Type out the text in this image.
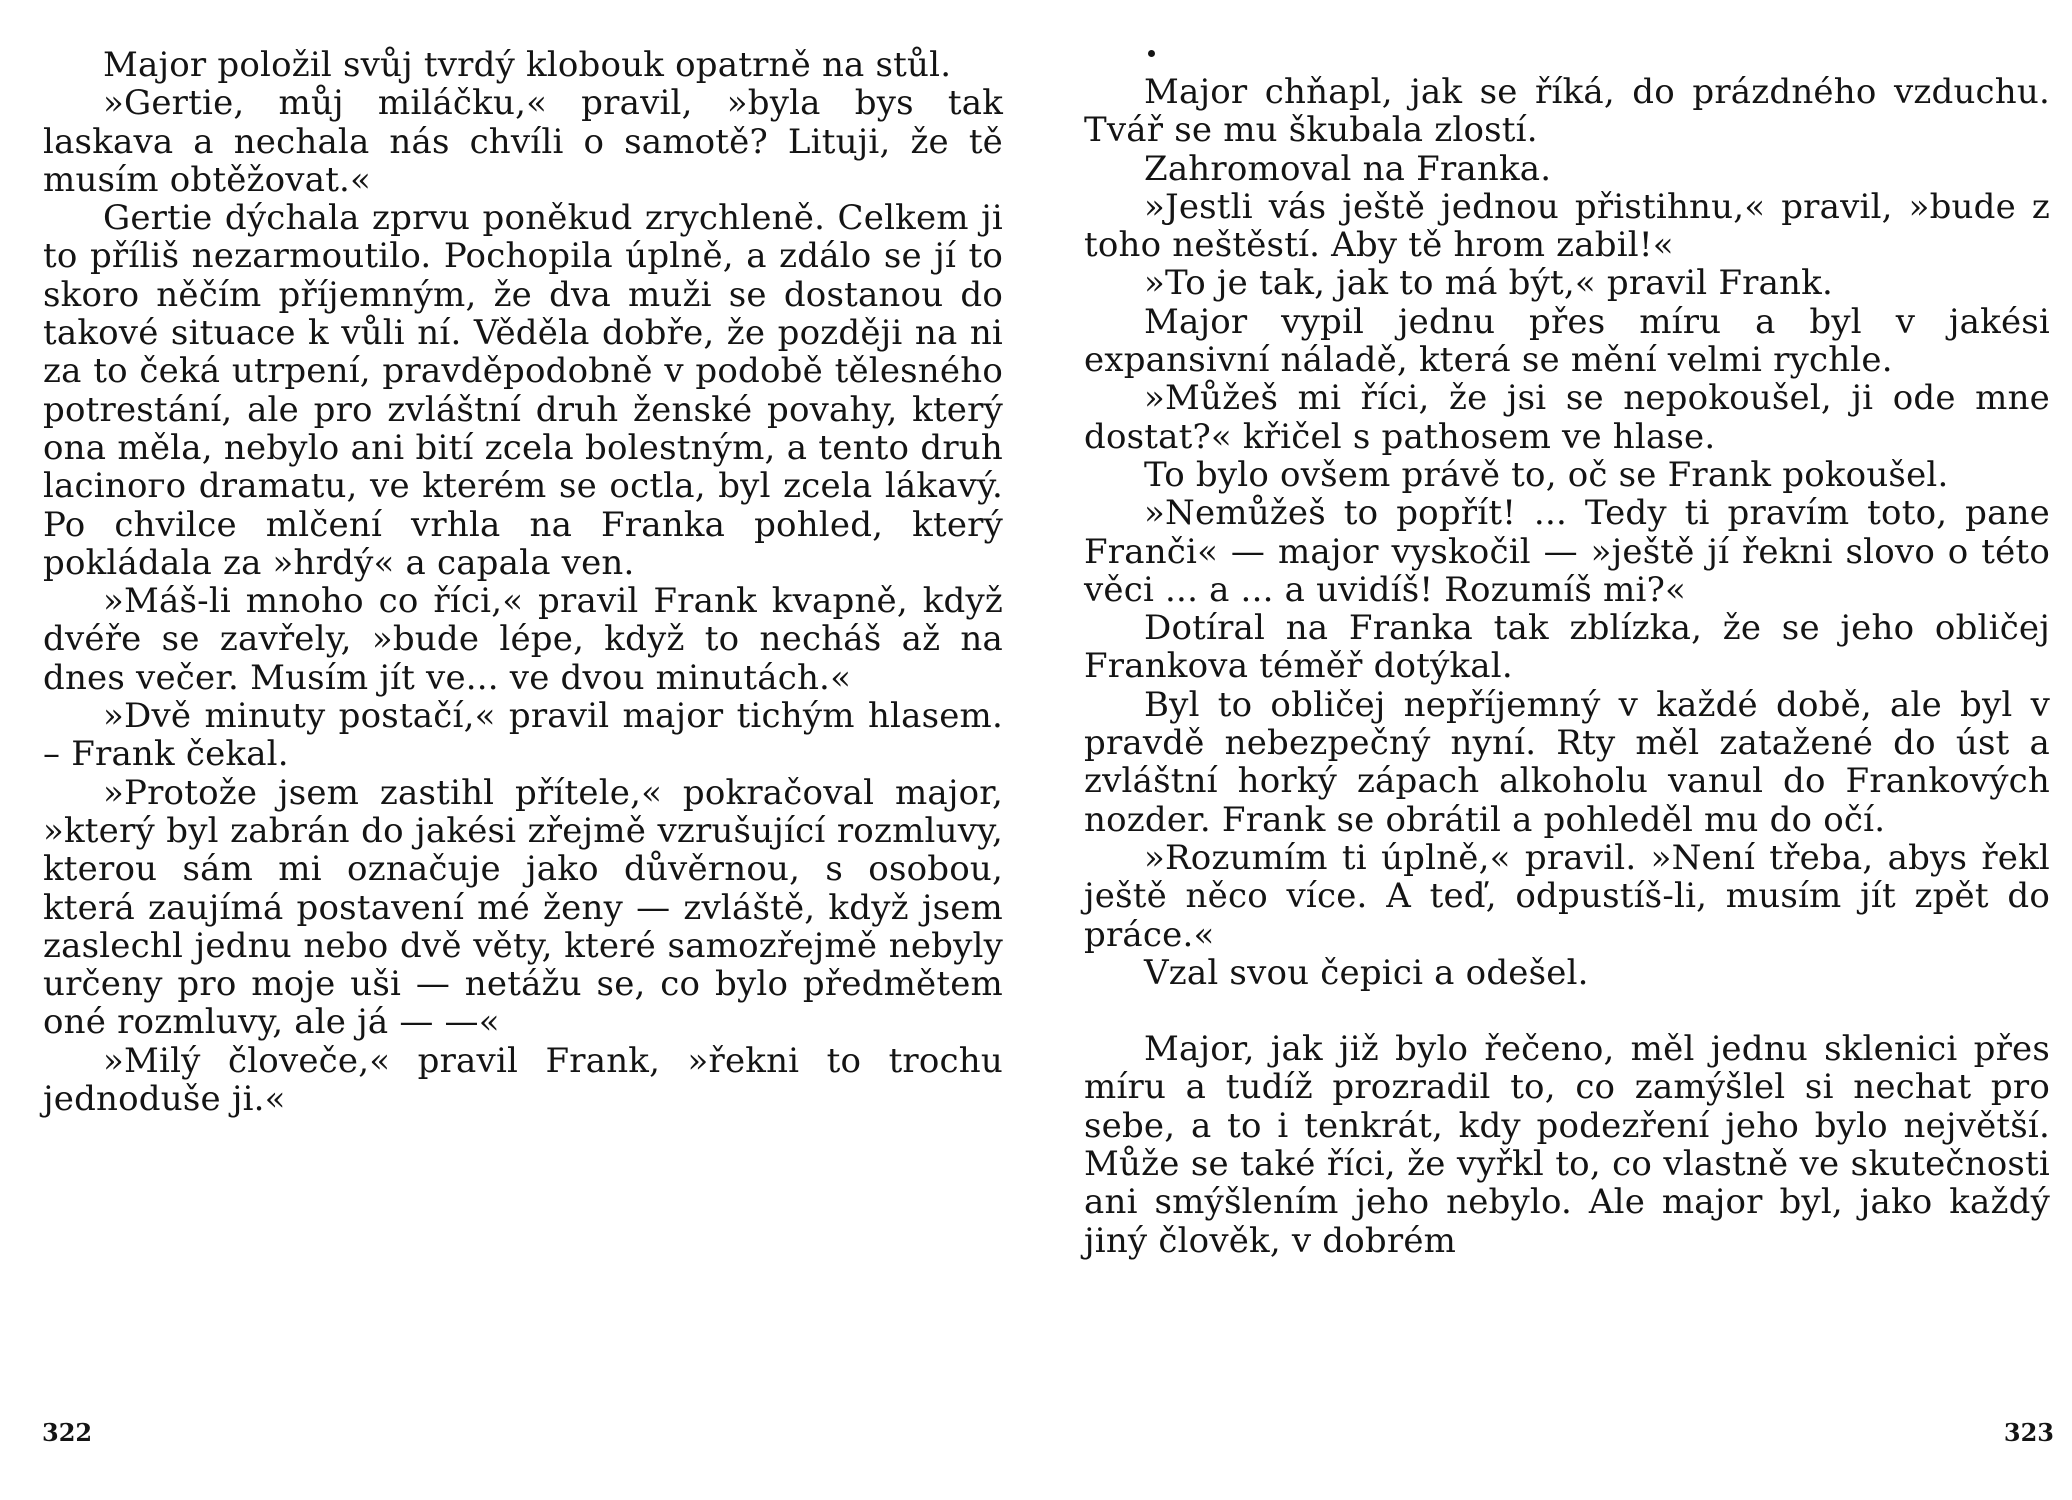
Major položil svůj tvrdý klobouk opatrně na stůl.

»Gertie, můj miláčku,« pravil, »byla bys tak laskava a nechala nás chvíli o samotě? Lituji, že tě musím obtěžovat.«

Gertie dýchala zprvu poněkud zrychleně. Celkem ji to příliš nezarmoutilo. Pochopila úplně, a zdálo se jí to skoro něčím příjemným, že dva muži se dostanou do takové situace k vůli ní. Věděla dobře, že později na ni za to čeká utrpení, pravděpodobně v podobě tělesného potrestání, ale pro zvláštní druh ženské povahy, který ona měla, nebylo ani bití zcela bolestným, a tento druh lacinого dramatu, ve kterém se octla, byl zcela lákavý. Po chvilce mlčení vrhla na Franka pohled, který pokládala za »hrdý« a capala ven.

»Máš-li mnoho co říci,« pravil Frank kvapně, když dvéře se zavřely, »bude lépe, když to necháš až na dnes večer. Musím jít ve... ve dvou minutách.«

»Dvě minuty postačí,« pravil major tichým hlasem. – Frank čekal.

»Protože jsem zastihl přítele,« pokračoval major, »který byl zabrán do jakési zřejmě vzrušující rozmluvy, kterou sám mi označuje jako důvěrnou, s osobou, která zaujímá postavení mé ženy — zvláště, když jsem zaslechl jednu nebo dvě věty, které samozřejmě nebyly určeny pro moje uši — netážu se, co bylo předmětem oné rozmluvy, ale já — —«

»Milý človeče,« pravil Frank, »řekni to trochu jednoduše ji.«

322

Major chňapl, jak se říká, do prázdného vzduchu. Tvář se mu škubala zlostí.

Zahromoval na Franka.

»Jestli vás ještě jednou přistihnu,« pravil, »bude z toho neštěstí. Aby tě hrom zabil!«

»To je tak, jak to má být,« pravil Frank.

Major vypil jednu přes míru a byl v jakési expansivní náladě, která se mění velmi rychle.

»Můžeš mi říci, že jsi se nepokoušel, ji ode mne dostat?« křičel s pathosem ve hlase.

To bylo ovšem právě to, oč se Frank pokoušel.

»Nemůžeš to popřít! ... Tedy ti pravím toto, pane Franči« — major vyskočil — »ještě jí řekni slovo o této věci ... a ... a uvidíš! Rozumíš mi?«

Dotíral na Franka tak zblízka, že se jeho obličej Frankova téměř dotýkal.

Byl to obličej nepříjemný v každé době, ale byl v pravdě nebezpečný nyní. Rty měl zatažené do úst a zvláštní horký zápach alkoholu vanul do Frankových nozder. Frank se obrátil a pohleděl mu do očí.

»Rozumím ti úplně,« pravil. »Není třeba, abys řekl ještě něco více. A teď, odpustíš-li, musím jít zpět do práce.«

Vzal svou čepici a odešel.

Major, jak již bylo řečeno, měl jednu sklenici přes míru a tudíž prozradil to, co zamýšlel si nechat pro sebe, a to i tenkrát, kdy podezření jeho bylo největší. Může se také říci, že vyřkl to, co vlastně ve skutečnosti ani smýšlením jeho nebylo. Ale major byl, jako každý jiný člověk, v dobrém

323
